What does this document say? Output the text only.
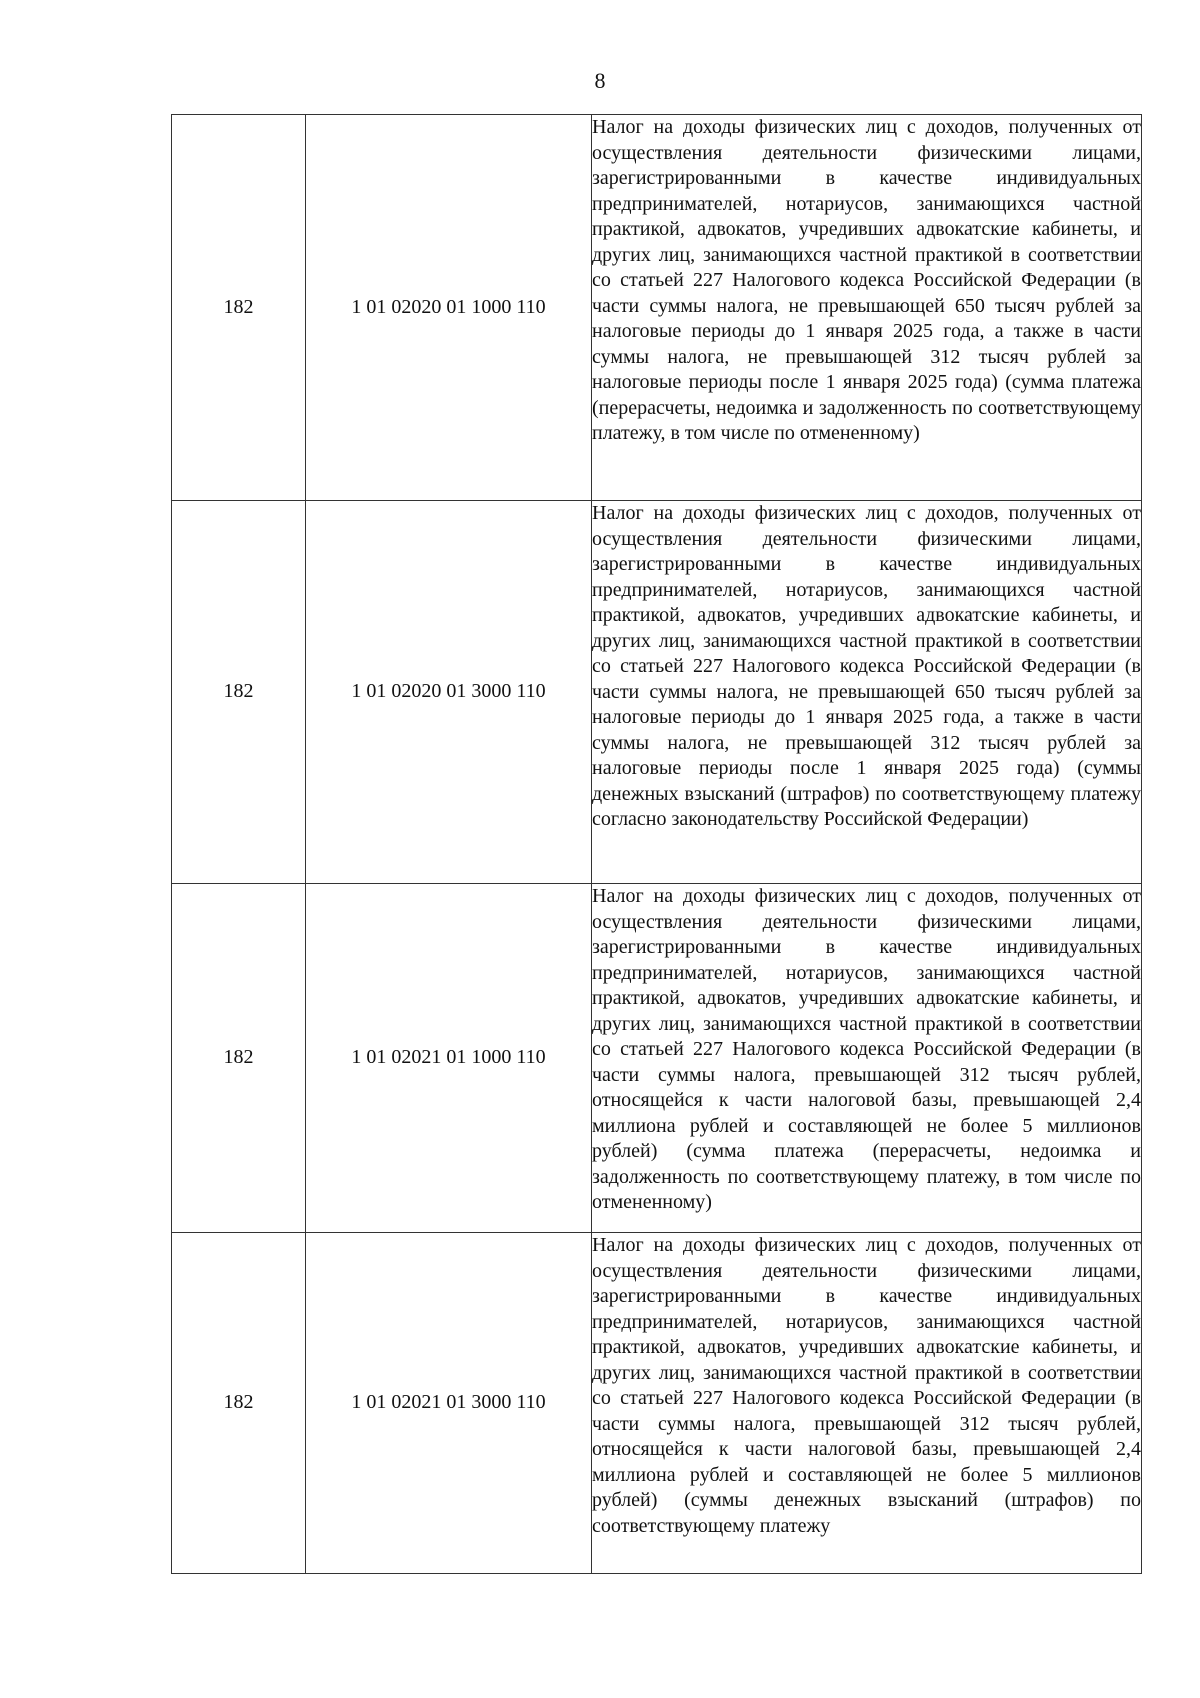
8
182	1 01 02020 01 1000 110	Налог на доходы физических лиц с доходов, полученных от осуществления деятельности физическими лицами, зарегистрированными в качестве индивидуальных предпринимателей, нотариусов, занимающихся частной практикой, адвокатов, учредивших адвокатские кабинеты, и других лиц, занимающихся частной практикой в соответствии со статьей 227 Налогового кодекса Российской Федерации (в части суммы налога, не превышающей 650 тысяч рублей за налоговые периоды до 1 января 2025 года, а также в части суммы налога, не превышающей 312 тысяч рублей за налоговые периоды после 1 января 2025 года) (сумма платежа (перерасчеты, недоимка и задолженность по соответствующему платежу, в том числе по отмененному)
182	1 01 02020 01 3000 110	Налог на доходы физических лиц с доходов, полученных от осуществления деятельности физическими лицами, зарегистрированными в качестве индивидуальных предпринимателей, нотариусов, занимающихся частной практикой, адвокатов, учредивших адвокатские кабинеты, и других лиц, занимающихся частной практикой в соответствии со статьей 227 Налогового кодекса Российской Федерации (в части суммы налога, не превышающей 650 тысяч рублей за налоговые периоды до 1 января 2025 года, а также в части суммы налога, не превышающей 312 тысяч рублей за налоговые периоды после 1 января 2025 года) (суммы денежных взысканий (штрафов) по соответствующему платежу согласно законодательству Российской Федерации)
182	1 01 02021 01 1000 110	Налог на доходы физических лиц с доходов, полученных от осуществления деятельности физическими лицами, зарегистрированными в качестве индивидуальных предпринимателей, нотариусов, занимающихся частной практикой, адвокатов, учредивших адвокатские кабинеты, и других лиц, занимающихся частной практикой в соответствии со статьей 227 Налогового кодекса Российской Федерации (в части суммы налога, превышающей 312 тысяч рублей, относящейся к части налоговой базы, превышающей 2,4 миллиона рублей и составляющей не более 5 миллионов рублей) (сумма платежа (перерасчеты, недоимка и задолженность по соответствующему платежу, в том числе по отмененному)
182	1 01 02021 01 3000 110	Налог на доходы физических лиц с доходов, полученных от осуществления деятельности физическими лицами, зарегистрированными в качестве индивидуальных предпринимателей, нотариусов, занимающихся частной практикой, адвокатов, учредивших адвокатские кабинеты, и других лиц, занимающихся частной практикой в соответствии со статьей 227 Налогового кодекса Российской Федерации (в части суммы налога, превышающей 312 тысяч рублей, относящейся к части налоговой базы, превышающей 2,4 миллиона рублей и составляющей не более 5 миллионов рублей) (суммы денежных взысканий (штрафов) по соответствующему платежу
